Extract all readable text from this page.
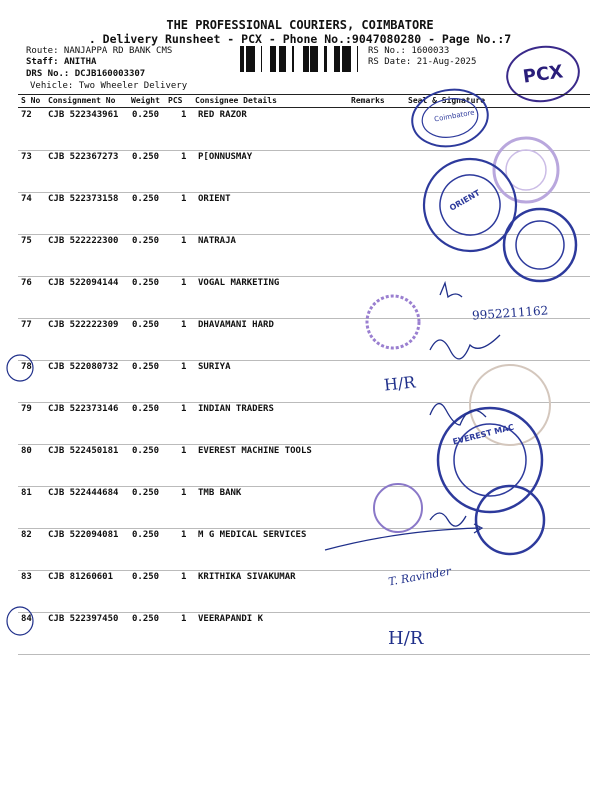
THE PROFESSIONAL COURIERS, COIMBATORE
. Delivery Runsheet - PCX - Phone No.:9047080280 - Page No.:7
Route: NANJAPPA RD BANK CMS
Staff: ANITHA
DRS No.: DCJB160003307
Vehicle: Two Wheeler Delivery
RS No.: 1600033
RS Date: 21-Aug-2025	PCX
S No Consignment No Weight PCS Consignee Details	Remarks	Seal & Signature
72 CJB 522343961 0.250 1 RED RAZOR
73 CJB 522367273 0.250 1 P[ONNUSMAY
74 CJB 522373158 0.250 1 ORIENT
75 CJB 522222300 0.250 1 NATRAJA
76 CJB 522094144 0.250 1 VOGAL MARKETING
77 CJB 522222309 0.250 1 DHAVAMANI HARD
78 CJB 522080732 0.250 1 SURIYA
79 CJB 522373146 0.250 1 INDIAN TRADERS
80 CJB 522450181 0.250 1 EVEREST MACHINE TOOLS
81 CJB 522444684 0.250 1 TMB BANK
82 CJB 522094081 0.250 1 M G MEDICAL SERVICES
83 CJB 81260601 0.250 1 KRITHIKA SIVAKUMAR
84 CJB 522397450 0.250 1 VEERAPANDI K
9952211162
H/R
T. Ravinder
H/R
Coimbatore
ORIENT
EVEREST MAC
